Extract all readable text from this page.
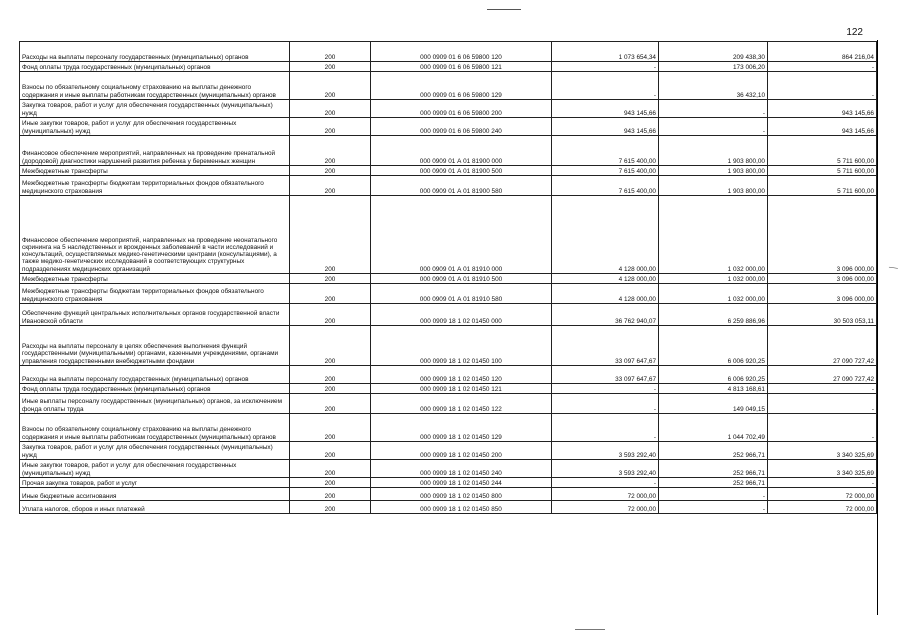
122
—
Расходы на выплаты персоналу государственных (муниципальных) органов	200	000 0909 01 6 06 59800 120	1 073 654,34	209 438,30	864 216,04
Фонд оплаты труда государственных (муниципальных) органов	200	000 0909 01 6 06 59800 121	-	173 006,20	-
Взносы по обязательному социальному страхованию на выплаты денежного содержания и иные выплаты работникам государственных (муниципальных) органов	200	000 0909 01 6 06 59800 129	-	36 432,10	-
Закупка товаров, работ и услуг для обеспечения государственных (муниципальных) нужд	200	000 0909 01 6 06 59800 200	943 145,66	-	943 145,66
Иные закупки товаров, работ и услуг для обеспечения государственных (муниципальных) нужд	200	000 0909 01 6 06 59800 240	943 145,66	-	943 145,66
Финансовое обеспечение мероприятий, направленных на проведение пренатальной (дородовой) диагностики нарушений развития ребенка у беременных женщин	200	000 0909 01 А 01 81900 000	7 615 400,00	1 903 800,00	5 711 600,00
Межбюджетные трансферты	200	000 0909 01 А 01 81900 500	7 615 400,00	1 903 800,00	5 711 600,00
Межбюджетные трансферты бюджетам территориальных фондов обязательного медицинского страхования	200	000 0909 01 А 01 81900 580	7 615 400,00	1 903 800,00	5 711 600,00
Финансовое обеспечение мероприятий, направленных на проведение неонатального скрининга на 5 наследственных и врожденных заболеваний в части исследований и консультаций, осуществляемых медико-генетическими центрами (консультациями), а также медико-генетических исследований в соответствующих структурных подразделениях медицинских организаций	200	000 0909 01 А 01 81910 000	4 128 000,00	1 032 000,00	3 096 000,00
Межбюджетные трансферты	200	000 0909 01 А 01 81910 500	4 128 000,00	1 032 000,00	3 096 000,00
Межбюджетные трансферты бюджетам территориальных фондов обязательного медицинского страхования	200	000 0909 01 А 01 81910 580	4 128 000,00	1 032 000,00	3 096 000,00
Обеспечение функций центральных исполнительных органов государственной власти Ивановской области	200	000 0909 18 1 02 01450 000	36 762 940,07	6 259 886,96	30 503 053,11
Расходы на выплаты персоналу в целях обеспечения выполнения функций государственными (муниципальными) органами, казенными учреждениями, органами управления государственными внебюджетными фондами	200	000 0909 18 1 02 01450 100	33 097 647,67	6 006 920,25	27 090 727,42
Расходы на выплаты персоналу государственных (муниципальных) органов	200	000 0909 18 1 02 01450 120	33 097 647,67	6 006 920,25	27 090 727,42
Фонд оплаты труда государственных (муниципальных) органов	200	000 0909 18 1 02 01450 121	-	4 813 168,61	-
Иные выплаты персоналу государственных (муниципальных) органов, за исключением фонда оплаты труда	200	000 0909 18 1 02 01450 122	-	149 049,15	-
Взносы по обязательному социальному страхованию на выплаты денежного содержания и иные выплаты работникам государственных (муниципальных) органов	200	000 0909 18 1 02 01450 129	-	1 044 702,49	-
Закупка товаров, работ и услуг для обеспечения государственных (муниципальных) нужд	200	000 0909 18 1 02 01450 200	3 593 292,40	252 966,71	3 340 325,69
Иные закупки товаров, работ и услуг для обеспечения государственных (муниципальных) нужд	200	000 0909 18 1 02 01450 240	3 593 292,40	252 966,71	3 340 325,69
Прочая закупка товаров, работ и услуг	200	000 0909 18 1 02 01450 244	-	252 966,71	-
Иные бюджетные ассигнования	200	000 0909 18 1 02 01450 800	72 000,00	-	72 000,00
Уплата налогов, сборов и иных платежей	200	000 0909 18 1 02 01450 850	72 000,00	-	72 000,00
